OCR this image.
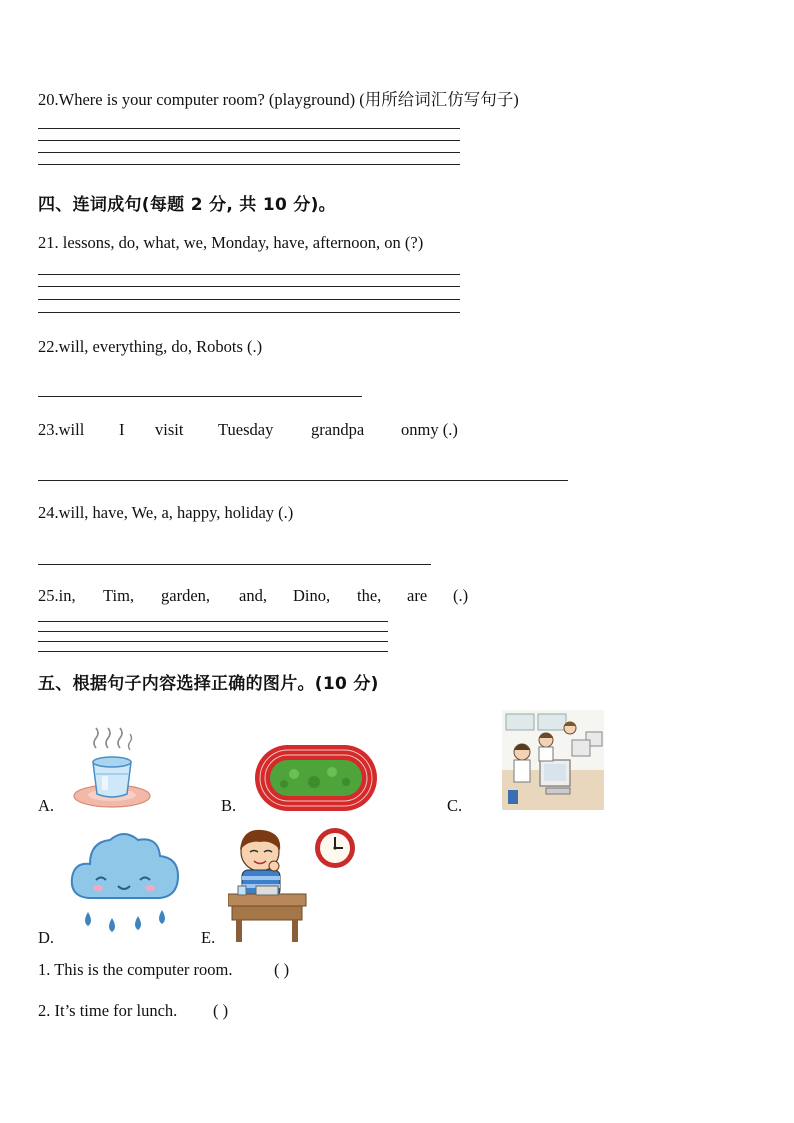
20.Where is your computer room? (playground) (用所给词汇仿写句子)
四、连词成句(每题 2 分, 共 10 分)。
21. lessons, do, what, we, Monday, have, afternoon, on (?)
22.will, everything, do, Robots (.)
23.will I visit Tuesday grandpa onmy (.)
24.will, have, We, a, happy, holiday (.)
25.in, Tim, garden, and, Dino, the, are (.)
五、根据句子内容选择正确的图片。(10 分)
A.	B.	C.
D.	E.
1. This is the computer room.	( )
2. It’s time for lunch. ( )
